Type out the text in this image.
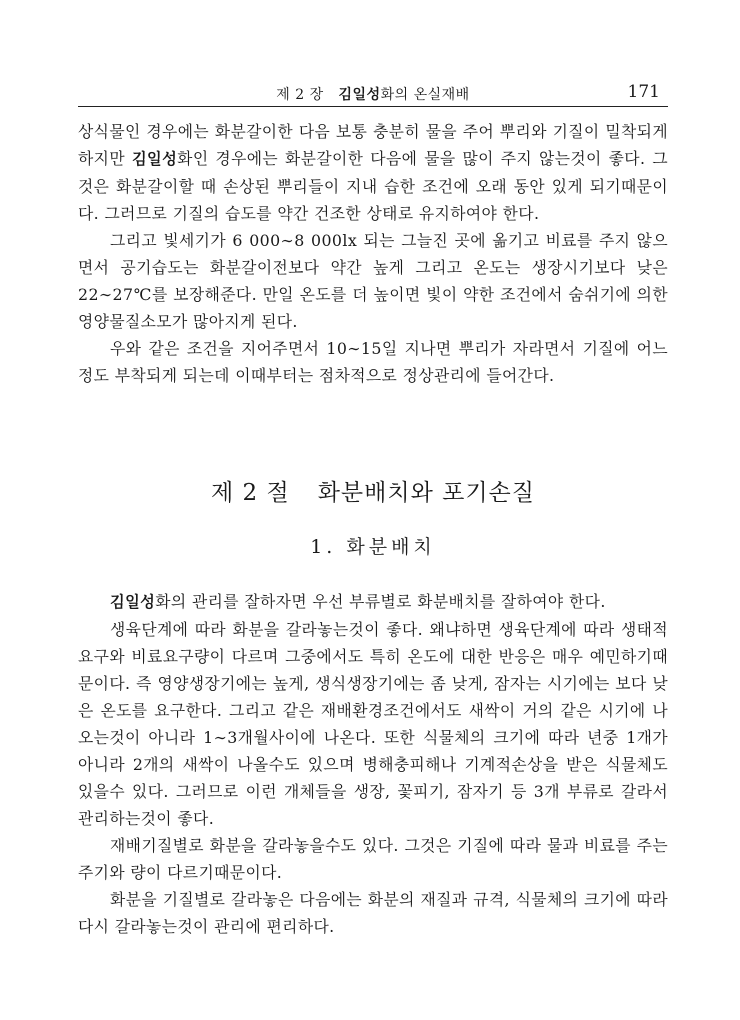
제 2 장 김일성화의 온실재배	171

상식물인 경우에는 화분갈이한 다음 보통 충분히 물을 주어 뿌리와 기질이 밀착되게 하지만 김일성화인 경우에는 화분갈이한 다음에 물을 많이 주지 않는것이 좋다. 그것은 화분갈이할 때 손상된 뿌리들이 지내 습한 조건에 오래 동안 있게 되기때문이다. 그러므로 기질의 습도를 약간 건조한 상태로 유지하여야 한다.

그리고 빛세기가 6 000∼8 000lx 되는 그늘진 곳에 옮기고 비료를 주지 않으면서 공기습도는 화분갈이전보다 약간 높게 그리고 온도는 생장시기보다 낮은 22∼27℃를 보장해준다. 만일 온도를 더 높이면 빛이 약한 조건에서 숨쉬기에 의한 영양물질소모가 많아지게 된다.

우와 같은 조건을 지어주면서 10∼15일 지나면 뿌리가 자라면서 기질에 어느 정도 부착되게 되는데 이때부터는 점차적으로 정상관리에 들어간다.

제 2 절 화분배치와 포기손질
1. 화분배치

김일성화의 관리를 잘하자면 우선 부류별로 화분배치를 잘하여야 한다.

생육단계에 따라 화분을 갈라놓는것이 좋다. 왜냐하면 생육단계에 따라 생태적요구와 비료요구량이 다르며 그중에서도 특히 온도에 대한 반응은 매우 예민하기때문이다. 즉 영양생장기에는 높게, 생식생장기에는 좀 낮게, 잠자는 시기에는 보다 낮은 온도를 요구한다. 그리고 같은 재배환경조건에서도 새싹이 거의 같은 시기에 나오는것이 아니라 1∼3개월사이에 나온다. 또한 식물체의 크기에 따라 년중 1개가 아니라 2개의 새싹이 나올수도 있으며 병해충피해나 기계적손상을 받은 식물체도 있을수 있다. 그러므로 이런 개체들을 생장, 꽃피기, 잠자기 등 3개 부류로 갈라서 관리하는것이 좋다.

재배기질별로 화분을 갈라놓을수도 있다. 그것은 기질에 따라 물과 비료를 주는 주기와 량이 다르기때문이다.

화분을 기질별로 갈라놓은 다음에는 화분의 재질과 규격, 식물체의 크기에 따라 다시 갈라놓는것이 관리에 편리하다.
